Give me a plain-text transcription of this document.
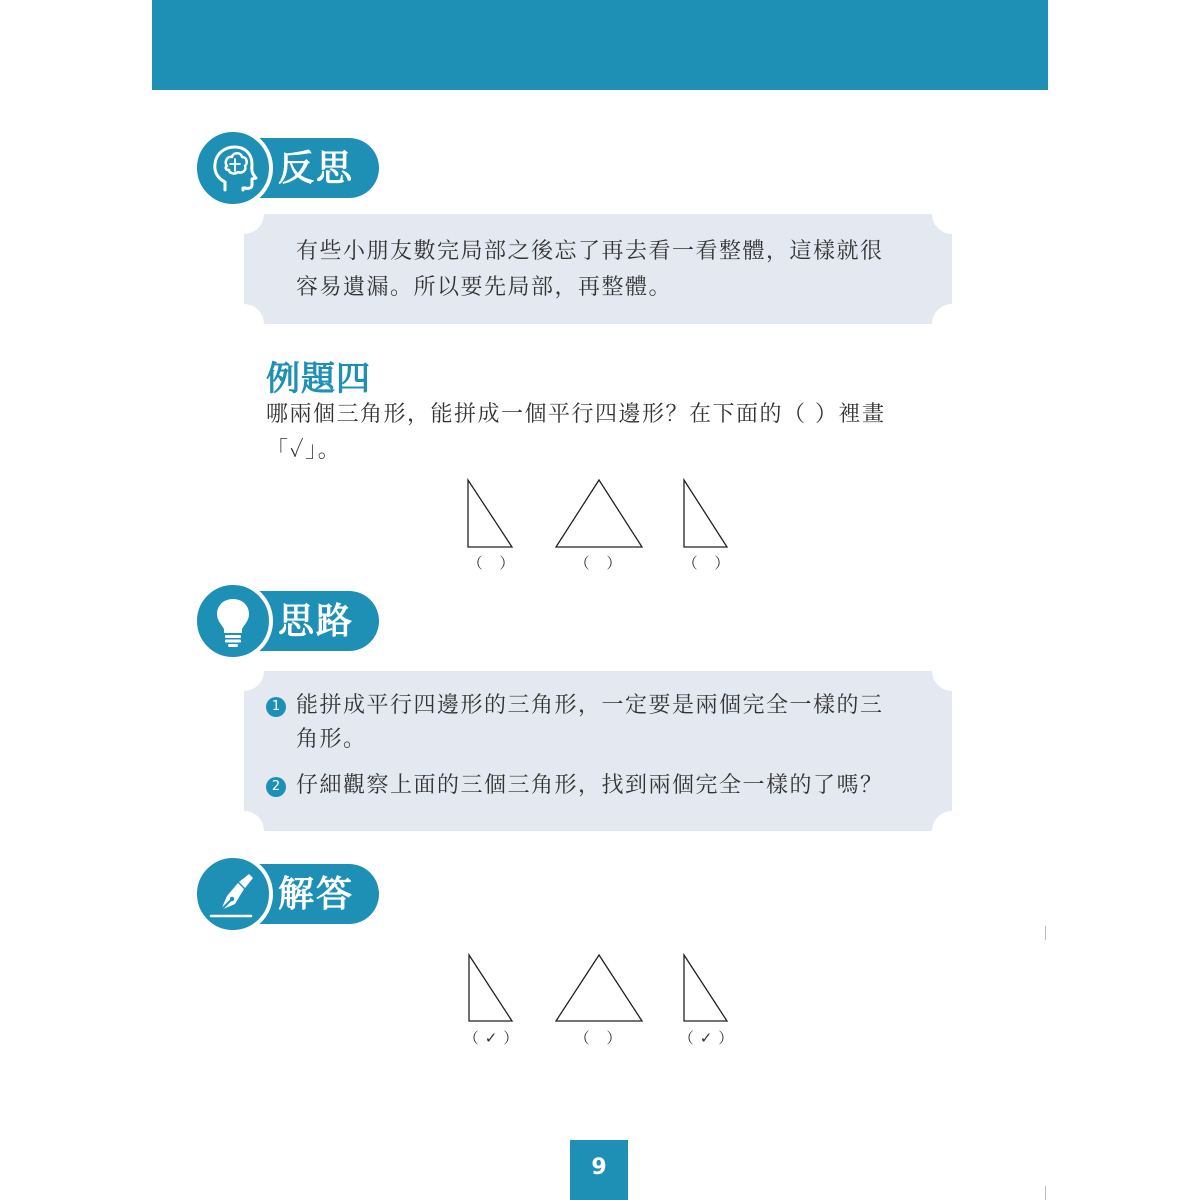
反思

有些小朋友數完局部之後忘了再去看一看整體，這樣就很

容易遺漏。所以要先局部，再整體。

例題四
哪兩個三角形，能拼成一個平行四邊形？在下面的（ ）裡畫
「✓」。
（ ）	（ ）	（ ）
思路
1 能拼成平行四邊形的三角形，一定要是兩個完全一樣的三
角形。
2 仔細觀察上面的三個三角形，找到兩個完全一樣的了嗎？
解答
（✓）	（ ）	（✓）
9
